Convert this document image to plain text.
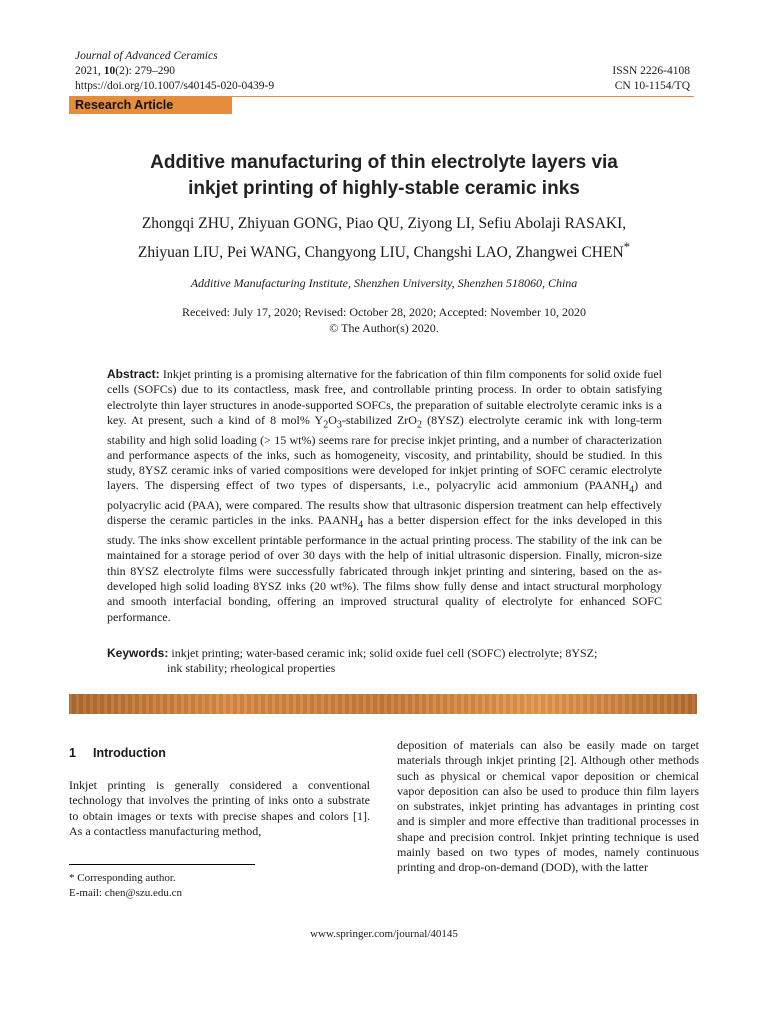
Journal of Advanced Ceramics
2021, 10(2): 279–290
https://doi.org/10.1007/s40145-020-0439-9
ISSN 2226-4108
CN 10-1154/TQ
Research Article
Additive manufacturing of thin electrolyte layers via
inkjet printing of highly-stable ceramic inks
Zhongqi ZHU, Zhiyuan GONG, Piao QU, Ziyong LI, Sefiu Abolaji RASAKI,
Zhiyuan LIU, Pei WANG, Changyong LIU, Changshi LAO, Zhangwei CHEN*
Additive Manufacturing Institute, Shenzhen University, Shenzhen 518060, China
Received: July 17, 2020; Revised: October 28, 2020; Accepted: November 10, 2020
© The Author(s) 2020.
Abstract: Inkjet printing is a promising alternative for the fabrication of thin film components for solid oxide fuel cells (SOFCs) due to its contactless, mask free, and controllable printing process. In order to obtain satisfying electrolyte thin layer structures in anode-supported SOFCs, the preparation of suitable electrolyte ceramic inks is a key. At present, such a kind of 8 mol% $Y_2O_3$-stabilized ZrO$_2$ (8YSZ) electrolyte ceramic ink with long-term stability and high solid loading (> 15 wt%) seems rare for precise inkjet printing, and a number of characterization and performance aspects of the inks, such as homogeneity, viscosity, and printability, should be studied. In this study, 8YSZ ceramic inks of varied compositions were developed for inkjet printing of SOFC ceramic electrolyte layers. The dispersing effect of two types of dispersants, i.e., polyacrylic acid ammonium $(PAANH_4)$ and polyacrylic acid (PAA), were compared. The results show that ultrasonic dispersion treatment can help effectively disperse the ceramic particles in the inks. $PAANH_4$ has a better dispersion effect for the inks developed in this study. The inks show excellent printable performance in the actual printing process. The stability of the ink can be maintained for a storage period of over 30 days with the help of initial ultrasonic dispersion. Finally, micron-size thin 8YSZ electrolyte films were successfully fabricated through inkjet printing and sintering, based on the as-developed high solid loading 8YSZ inks (20 wt%). The films show fully dense and intact structural morphology and smooth interfacial bonding, offering an improved structural quality of electrolyte for enhanced SOFC performance.
Keywords: inkjet printing; water-based ceramic ink; solid oxide fuel cell (SOFC) electrolyte; 8YSZ;
ink stability; rheological properties
1 Introduction
Inkjet printing is generally considered a conventional technology that involves the printing of inks onto a substrate to obtain images or texts with precise shapes and colors [1]. As a contactless manufacturing method,
deposition of materials can also be easily made on target materials through inkjet printing [2]. Although other methods such as physical or chemical vapor deposition or chemical vapor deposition can also be used to produce thin film layers on substrates, inkjet printing has advantages in printing cost and is simpler and more effective than traditional processes in shape and precision control. Inkjet printing technique is used mainly based on two types of modes, namely continuous printing and drop-on-demand (DOD), with the latter
* Corresponding author.
E-mail: chen@szu.edu.cn
www.springer.com/journal/40145
